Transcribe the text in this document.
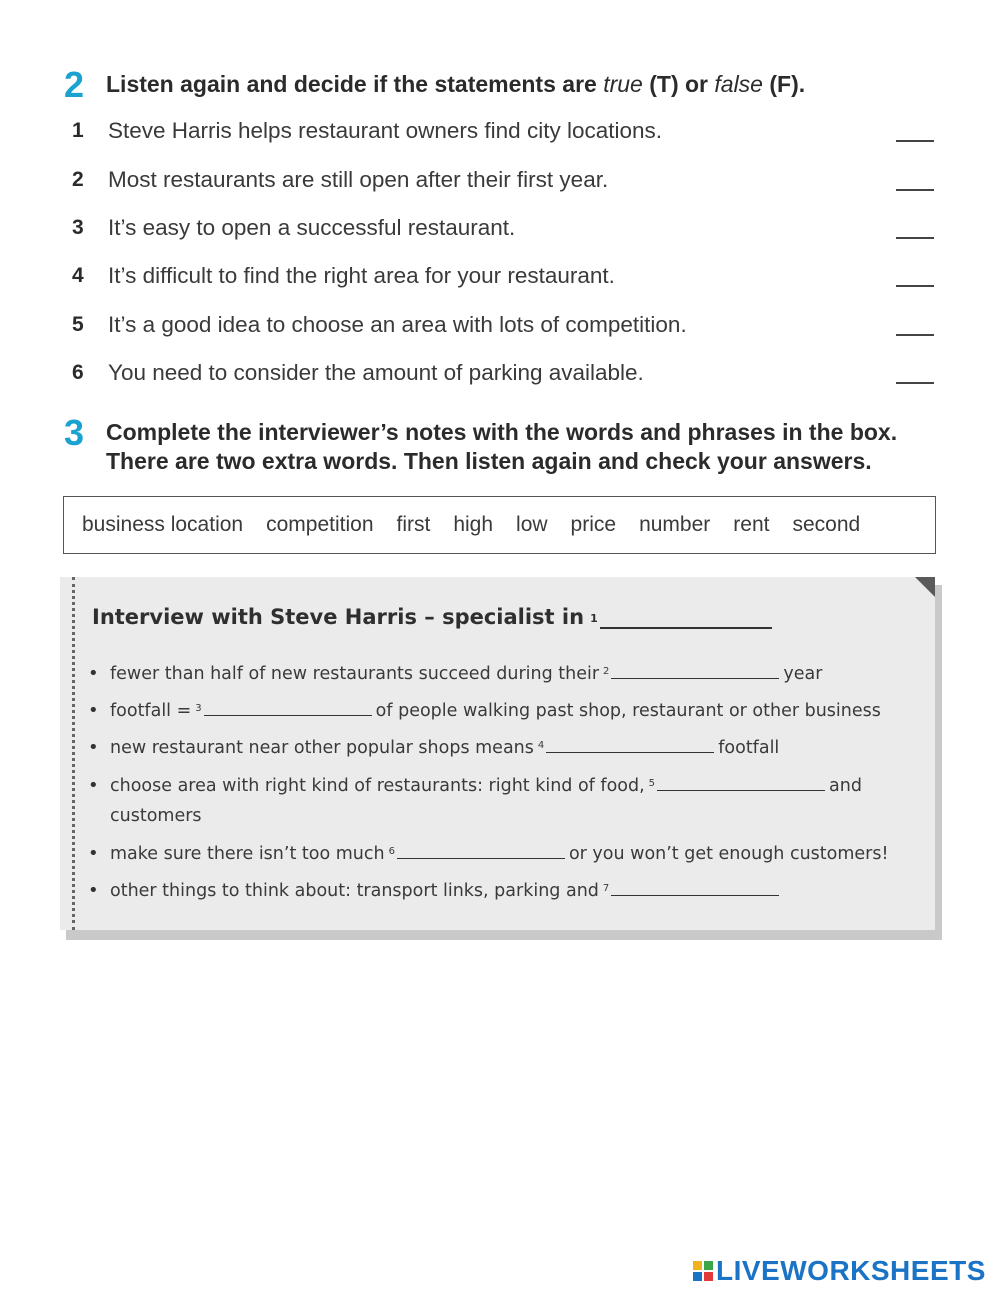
2 Listen again and decide if the statements are true (T) or false (F).
1	Steve Harris helps restaurant owners find city locations.
2	Most restaurants are still open after their first year.
3	It’s easy to open a successful restaurant.
4	It’s difficult to find the right area for your restaurant.
5	It’s a good idea to choose an area with lots of competition.
6	You need to consider the amount of parking available.
3 Complete the interviewer’s notes with the words and phrases in the box.
There are two extra words. Then listen again and check your answers.
business location competition first high low price number rent second
Interview with Steve Harris – specialist in $^1$
• fewer than half of new restaurants succeed during their $^2$	year
• footfall = $^3$	of people walking past shop, restaurant or other business
• new restaurant near other popular shops means $^4$	footfall
• choose area with right kind of restaurants: right kind of food, $^5$	and customers
• make sure there isn’t too much $^6$	or you won’t get enough customers!
• other things to think about: transport links, parking and $^7$
LIVEWORKSHEETS
